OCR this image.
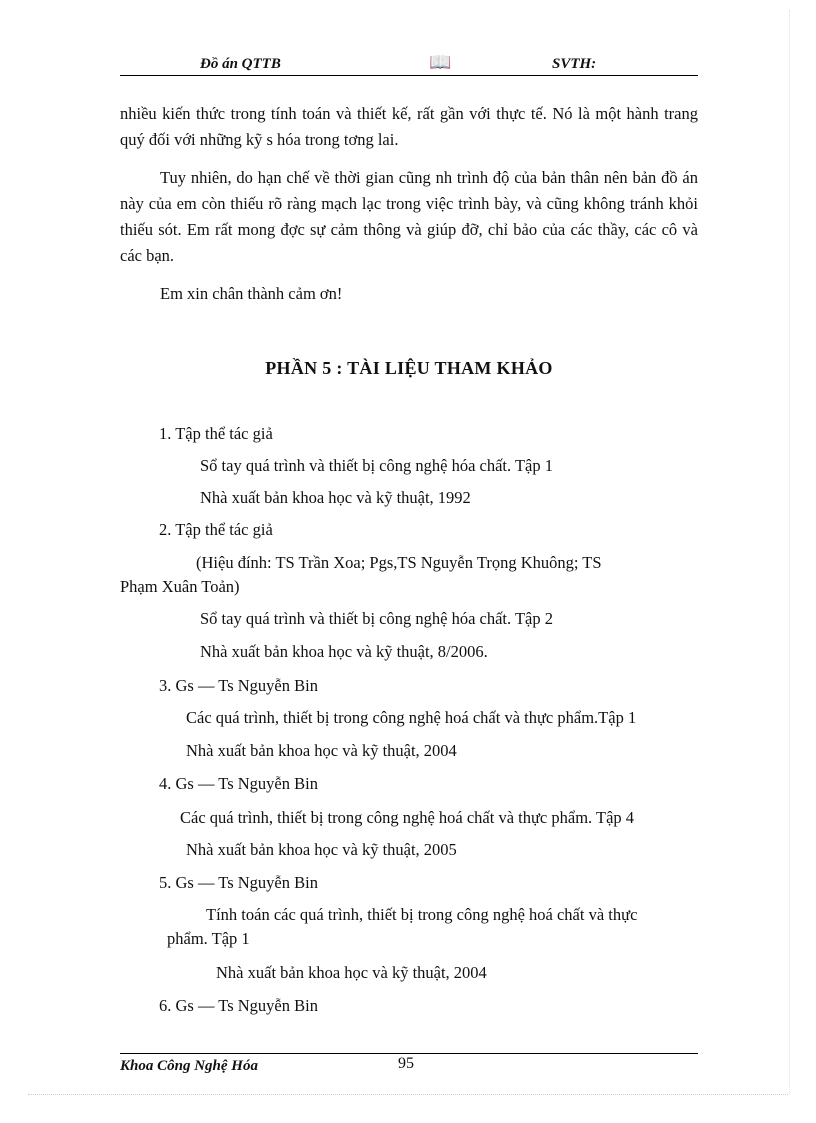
Đồ án QTTB	📖	SVTH:
nhiều kiến thức trong tính toán và thiết kế, rất gần với thực tế. Nó là một hành trang quý đối với những kỹ s hóa trong tơng lai.
Tuy nhiên, do hạn chế về thời gian cũng nh trình độ của bản thân nên bản đồ án này của em còn thiếu rõ ràng mạch lạc trong việc trình bày, và cũng không tránh khỏi thiếu sót. Em rất mong đợc sự cảm thông và giúp đỡ, chỉ bảo của các thầy, các cô và các bạn.
Em xin chân thành cảm ơn!
PHẦN 5 : TÀI LIỆU THAM KHẢO
1. Tập thể tác giả
Sổ tay quá trình và thiết bị công nghệ hóa chất. Tập 1
Nhà xuất bản khoa học và kỹ thuật, 1992
2. Tập thể tác giả
(Hiệu đính: TS Trần Xoa; Pgs,TS Nguyễn Trọng Khuông; TS
Phạm Xuân Toản)
Sổ tay quá trình và thiết bị công nghệ hóa chất. Tập 2
Nhà xuất bản khoa học và kỹ thuật, 8/2006.
3. Gs — Ts Nguyễn Bin
Các quá trình, thiết bị trong công nghệ hoá chất và thực phẩm.Tập 1
Nhà xuất bản khoa học và kỹ thuật, 2004
4. Gs — Ts Nguyễn Bin
Các quá trình, thiết bị trong công nghệ hoá chất và thực phẩm. Tập 4
Nhà xuất bản khoa học và kỹ thuật, 2005
5. Gs — Ts Nguyễn Bin
Tính toán các quá trình, thiết bị trong công nghệ hoá chất và thực
phẩm. Tập 1
Nhà xuất bản khoa học và kỹ thuật, 2004
6. Gs — Ts Nguyễn Bin
Khoa Công Nghệ Hóa	95
